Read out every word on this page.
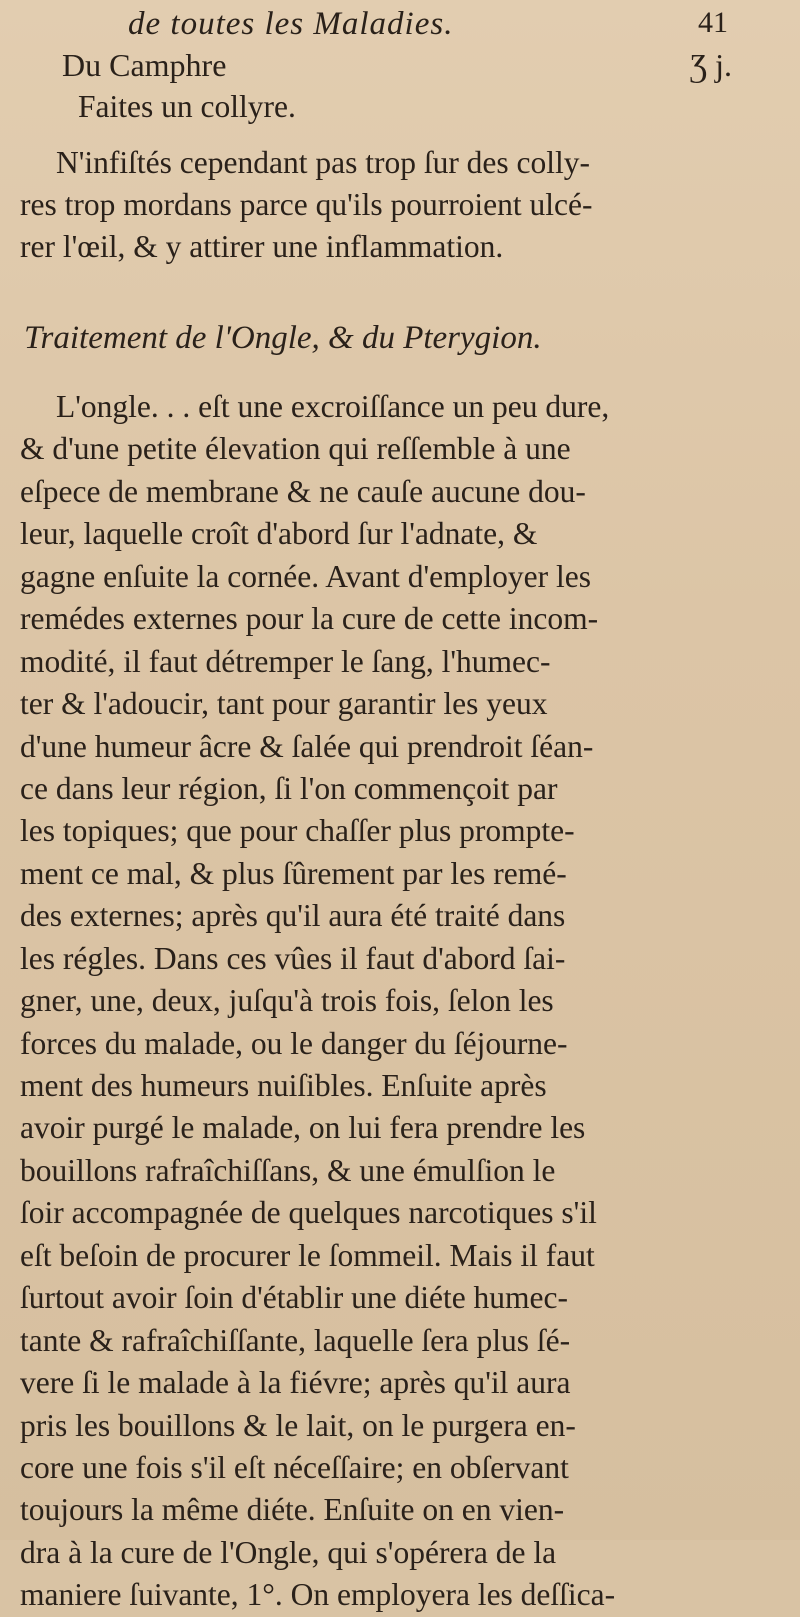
de toutes les Maladies.	41
Du Camphre	Ʒ j.
Faites un collyre.
N'infiſtés cependant pas trop ſur des colly-
res trop mordans parce qu'ils pourroient ulcé-
rer l'œil, & y attirer une inflammation.
Traitement de l'Ongle, & du Pterygion.
L'ongle. . . eſt une excroiſſance un peu dure,
& d'une petite élevation qui reſſemble à une
eſpece de membrane & ne cauſe aucune dou-
leur, laquelle croît d'abord ſur l'adnate, &
gagne enſuite la cornée. Avant d'employer les
remédes externes pour la cure de cette incom-
modité, il faut détremper le ſang, l'humec-
ter & l'adoucir, tant pour garantir les yeux
d'une humeur âcre & ſalée qui prendroit ſéan-
ce dans leur région, ſi l'on commençoit par
les topiques; que pour chaſſer plus prompte-
ment ce mal, & plus ſûrement par les remé-
des externes; après qu'il aura été traité dans
les régles. Dans ces vûes il faut d'abord ſai-
gner, une, deux, juſqu'à trois fois, ſelon les
forces du malade, ou le danger du ſéjourne-
ment des humeurs nuiſibles. Enſuite après
avoir purgé le malade, on lui fera prendre les
bouillons rafraîchiſſans, & une émulſion le
ſoir accompagnée de quelques narcotiques s'il
eſt beſoin de procurer le ſommeil. Mais il faut
ſurtout avoir ſoin d'établir une diéte humec-
tante & rafraîchiſſante, laquelle ſera plus ſé-
vere ſi le malade à la fiévre; après qu'il aura
pris les bouillons & le lait, on le purgera en-
core une fois s'il eſt néceſſaire; en obſervant
toujours la même diéte. Enſuite on en vien-
dra à la cure de l'Ongle, qui s'opérera de la
maniere ſuivante, 1°. On employera les deſſica-
